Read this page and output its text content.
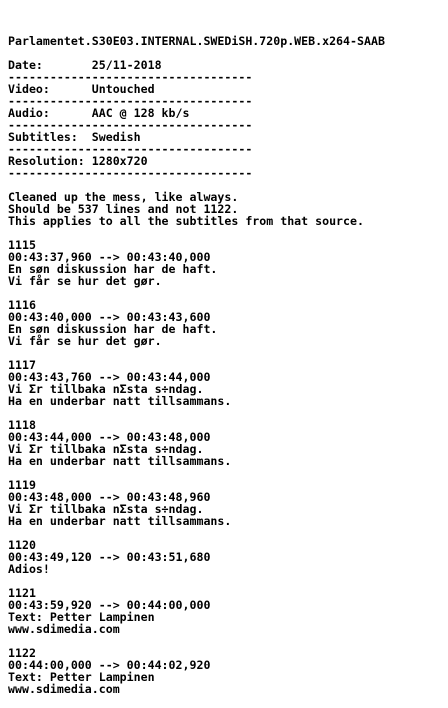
Parlamentet.S30E03.INTERNAL.SWEDiSH.720p.WEB.x264-SAAB
Date:       25/11-2018
-----------------------------------
Video:      Untouched
-----------------------------------
Audio:      AAC @ 128 kb/s
-----------------------------------
Subtitles:  Swedish
-----------------------------------
Resolution: 1280x720
-----------------------------------
Cleaned up the mess, like always.
Should be 537 lines and not 1122.
This applies to all the subtitles from that source.
1115
00:43:37,960 --> 00:43:40,000
En søn diskussion har de haft.
Vi får se hur det gør.
1116
00:43:40,000 --> 00:43:43,600
En søn diskussion har de haft.
Vi får se hur det gør.
1117
00:43:43,760 --> 00:43:44,000
Vi Σr tillbaka nΣsta s÷ndag.
Ha en underbar natt tillsammans.
1118
00:43:44,000 --> 00:43:48,000
Vi Σr tillbaka nΣsta s÷ndag.
Ha en underbar natt tillsammans.
1119
00:43:48,000 --> 00:43:48,960
Vi Σr tillbaka nΣsta s÷ndag.
Ha en underbar natt tillsammans.
1120
00:43:49,120 --> 00:43:51,680
Adios!
1121
00:43:59,920 --> 00:44:00,000
Text: Petter Lampinen
www.sdimedia.com
1122
00:44:00,000 --> 00:44:02,920
Text: Petter Lampinen
www.sdimedia.com
